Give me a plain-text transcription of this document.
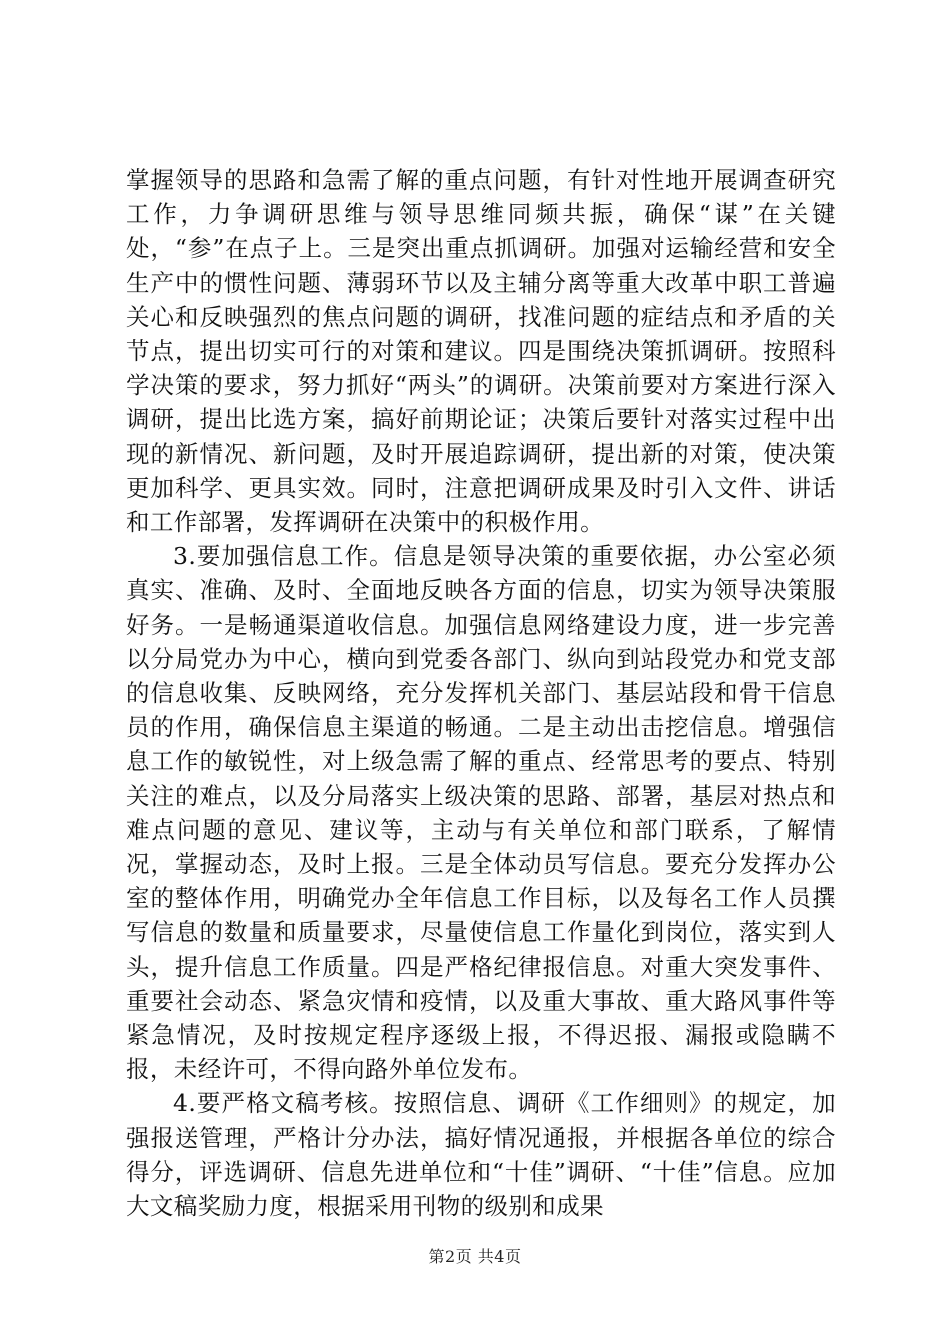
掌握领导的思路和急需了解的重点问题，有针对性地开展调查研究工作，力争调研思维与领导思维同频共振，确保“谋”在关键处，“参”在点子上。三是突出重点抓调研。加强对运输经营和安全生产中的惯性问题、薄弱环节以及主辅分离等重大改革中职工普遍关心和反映强烈的焦点问题的调研，找准问题的症结点和矛盾的关节点，提出切实可行的对策和建议。四是围绕决策抓调研。按照科学决策的要求，努力抓好“两头”的调研。决策前要对方案进行深入调研，提出比选方案，搞好前期论证；决策后要针对落实过程中出现的新情况、新问题，及时开展追踪调研，提出新的对策，使决策更加科学、更具实效。同时，注意把调研成果及时引入文件、讲话和工作部署，发挥调研在决策中的积极作用。

3.要加强信息工作。信息是领导决策的重要依据，办公室必须真实、准确、及时、全面地反映各方面的信息，切实为领导决策服好务。一是畅通渠道收信息。加强信息网络建设力度，进一步完善以分局党办为中心，横向到党委各部门、纵向到站段党办和党支部的信息收集、反映网络，充分发挥机关部门、基层站段和骨干信息员的作用，确保信息主渠道的畅通。二是主动出击挖信息。增强信息工作的敏锐性，对上级急需了解的重点、经常思考的要点、特别关注的难点，以及分局落实上级决策的思路、部署，基层对热点和难点问题的意见、建议等，主动与有关单位和部门联系，了解情况，掌握动态，及时上报。三是全体动员写信息。要充分发挥办公室的整体作用，明确党办全年信息工作目标，以及每名工作人员撰写信息的数量和质量要求，尽量使信息工作量化到岗位，落实到人头，提升信息工作质量。四是严格纪律报信息。对重大突发事件、重要社会动态、紧急灾情和疫情，以及重大事故、重大路风事件等紧急情况，及时按规定程序逐级上报，不得迟报、漏报或隐瞒不报，未经许可，不得向路外单位发布。

4.要严格文稿考核。按照信息、调研《工作细则》的规定，加强报送管理，严格计分办法，搞好情况通报，并根据各单位的综合得分，评选调研、信息先进单位和“十佳”调研、“十佳”信息。应加大文稿奖励力度，根据采用刊物的级别和成果

第2页 共4页
